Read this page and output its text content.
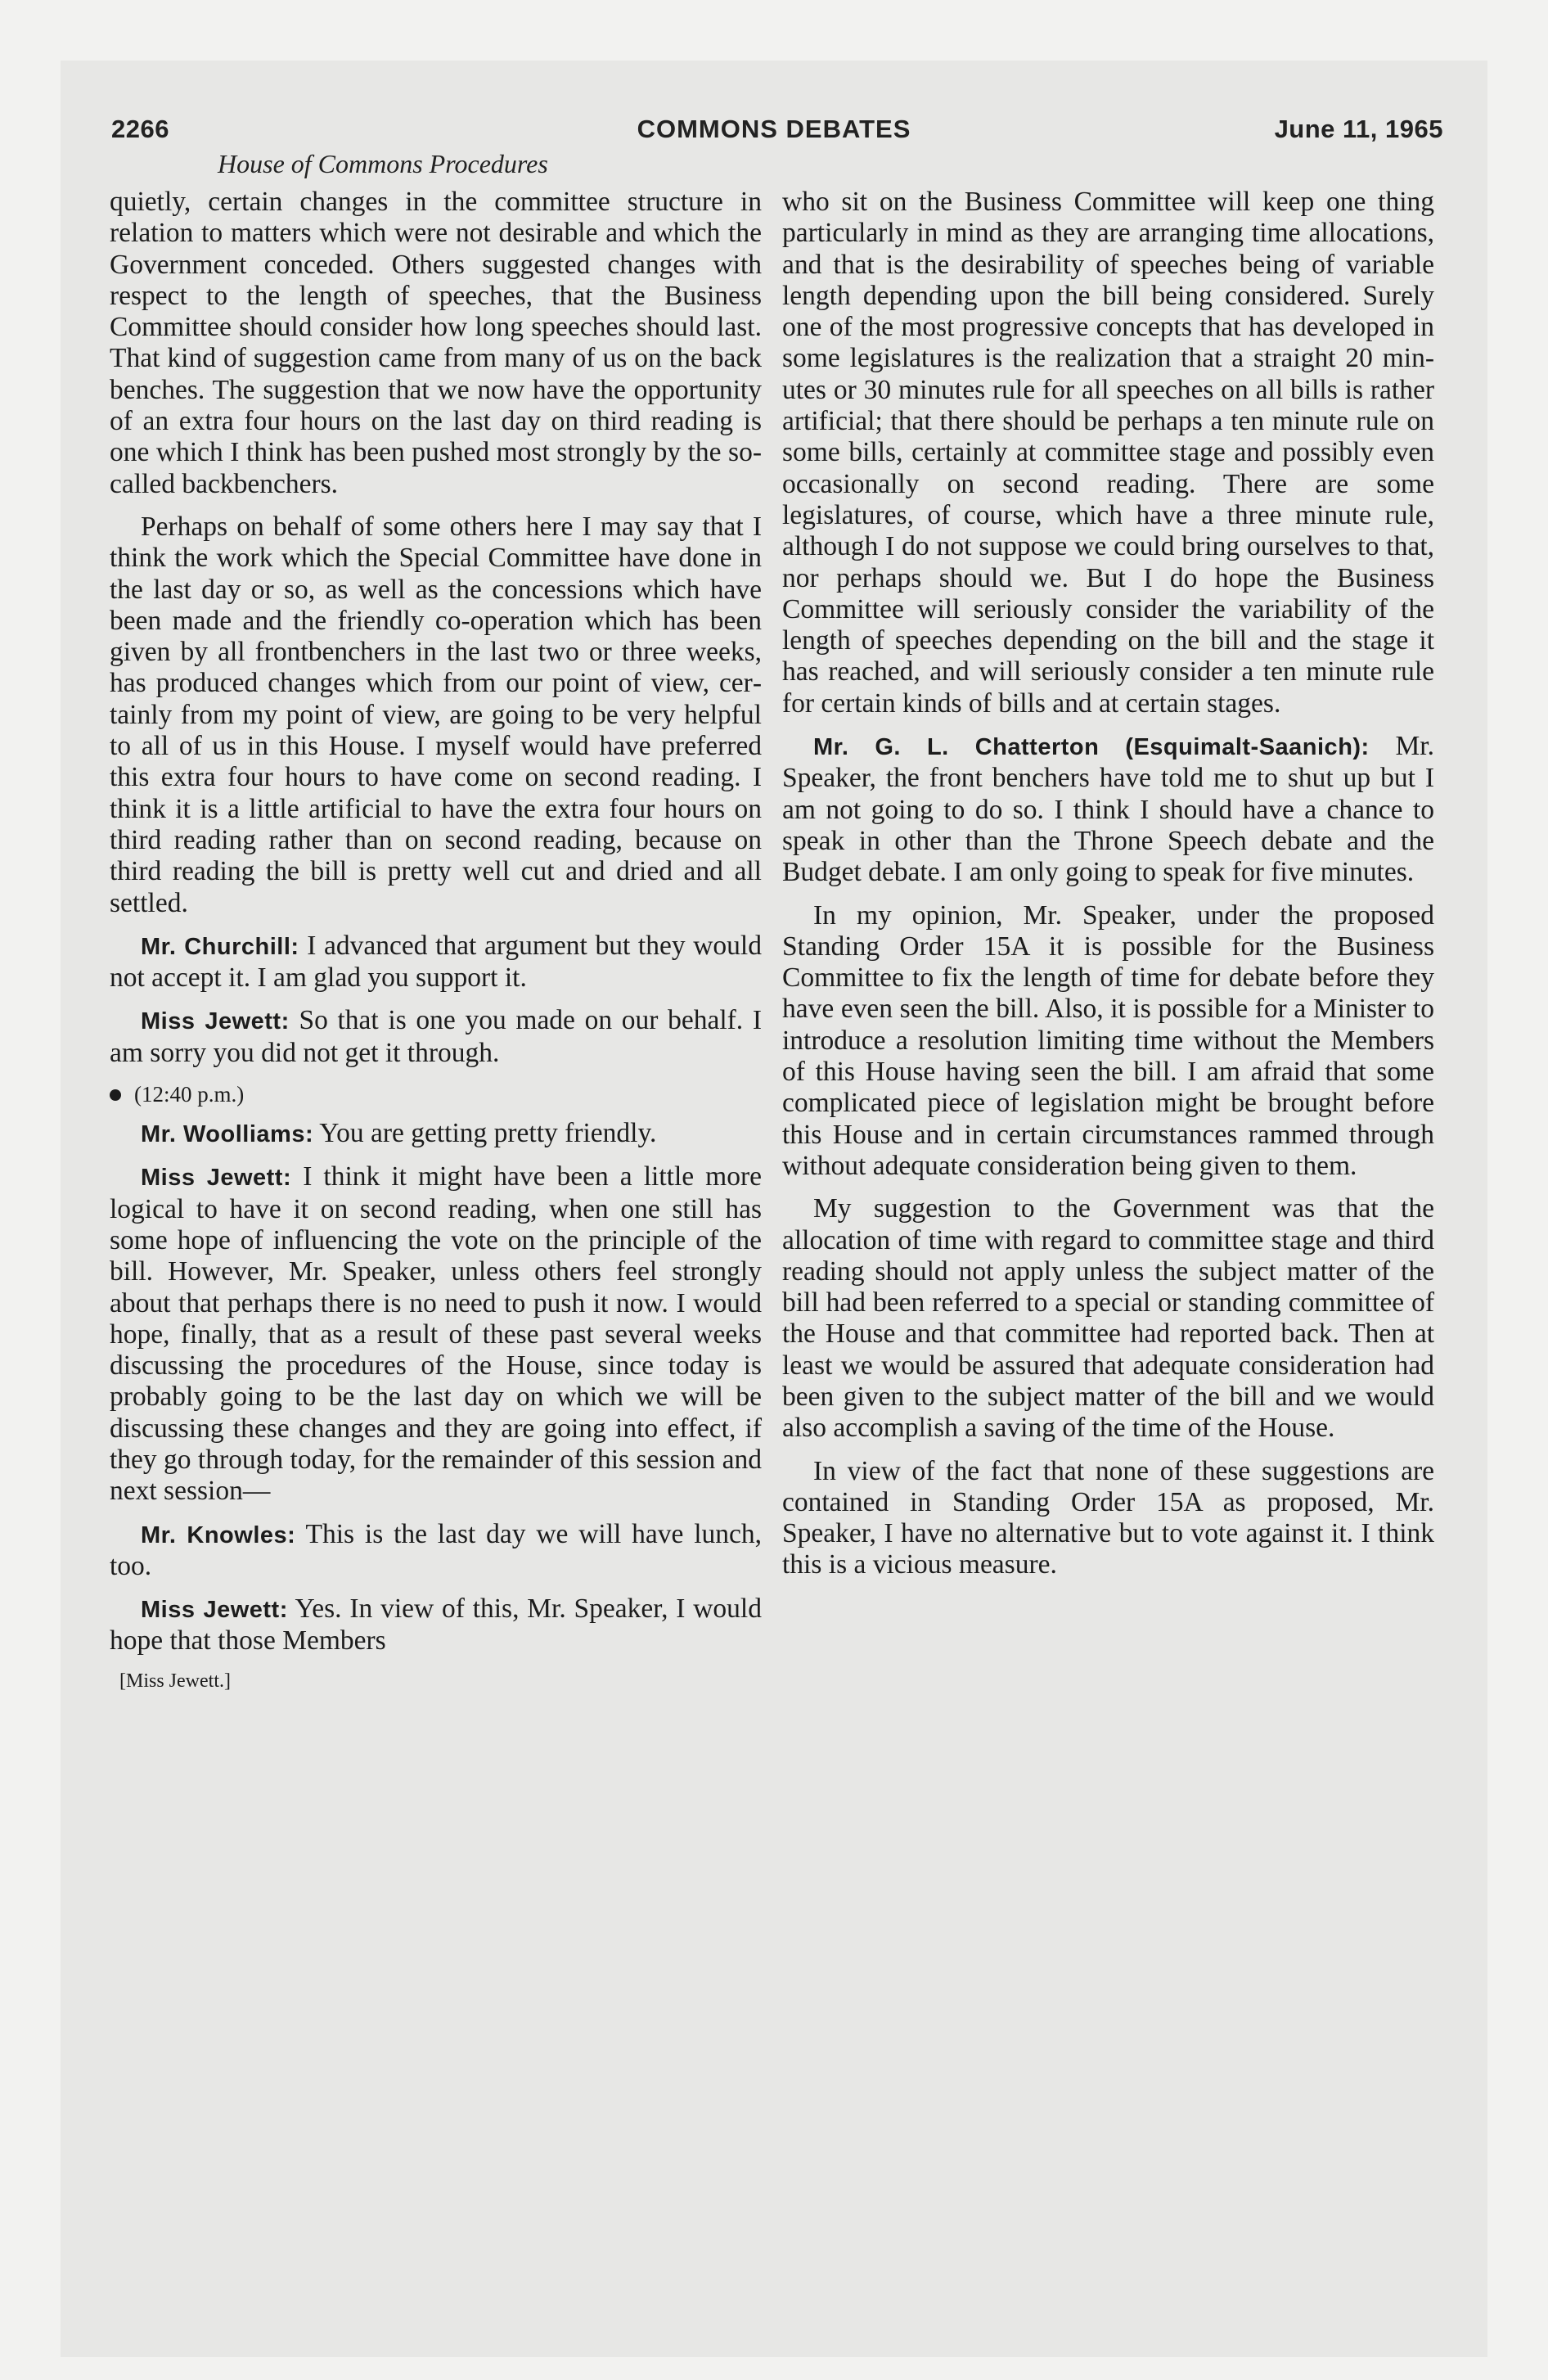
2266	COMMONS DEBATES	June 11, 1965
House of Commons Procedures

quietly, certain changes in the committee structure in relation to matters which were not desirable and which the Government conceded. Others suggested changes with respect to the length of speeches, that the Business Committee should consider how long speeches should last. That kind of suggestion came from many of us on the back benches. The suggestion that we now have the opportunity of an extra four hours on the last day on third reading is one which I think has been pushed most strongly by the so-called backbenchers.

Perhaps on behalf of some others here I may say that I think the work which the Special Committee have done in the last day or so, as well as the concessions which have been made and the friendly co-operation which has been given by all frontbenchers in the last two or three weeks, has produced changes which from our point of view, certainly from my point of view, are going to be very helpful to all of us in this House. I myself would have preferred this extra four hours to have come on second reading. I think it is a little artificial to have the extra four hours on third reading rather than on second reading, because on third reading the bill is pretty well cut and dried and all settled.

Mr. Churchill: I advanced that argument but they would not accept it. I am glad you support it.

Miss Jewett: So that is one you made on our behalf. I am sorry you did not get it through.

(12:40 p.m.)

Mr. Woolliams: You are getting pretty friendly.

Miss Jewett: I think it might have been a little more logical to have it on second reading, when one still has some hope of influencing the vote on the principle of the bill. However, Mr. Speaker, unless others feel strongly about that perhaps there is no need to push it now. I would hope, finally, that as a result of these past several weeks discussing the procedures of the House, since today is probably going to be the last day on which we will be discussing these changes and they are going into effect, if they go through today, for the remainder of this session and next session—

Mr. Knowles: This is the last day we will have lunch, too.

Miss Jewett: Yes. In view of this, Mr. Speaker, I would hope that those Members

[Miss Jewett.]

who sit on the Business Committee will keep one thing particularly in mind as they are arranging time allocations, and that is the desirability of speeches being of variable length depending upon the bill being considered. Surely one of the most progressive concepts that has developed in some legislatures is the realization that a straight 20 minutes or 30 minutes rule for all speeches on all bills is rather artificial; that there should be perhaps a ten minute rule on some bills, certainly at committee stage and possibly even occasionally on second reading. There are some legislatures, of course, which have a three minute rule, although I do not suppose we could bring ourselves to that, nor perhaps should we. But I do hope the Business Committee will seriously consider the variability of the length of speeches depending on the bill and the stage it has reached, and will seriously consider a ten minute rule for certain kinds of bills and at certain stages.

Mr. G. L. Chatterton (Esquimalt-Saanich): Mr. Speaker, the front benchers have told me to shut up but I am not going to do so. I think I should have a chance to speak in other than the Throne Speech debate and the Budget debate. I am only going to speak for five minutes.

In my opinion, Mr. Speaker, under the proposed Standing Order 15A it is possible for the Business Committee to fix the length of time for debate before they have even seen the bill. Also, it is possible for a Minister to introduce a resolution limiting time without the Members of this House having seen the bill. I am afraid that some complicated piece of legislation might be brought before this House and in certain circumstances rammed through without adequate consideration being given to them.

My suggestion to the Government was that the allocation of time with regard to committee stage and third reading should not apply unless the subject matter of the bill had been referred to a special or standing committee of the House and that committee had reported back. Then at least we would be assured that adequate consideration had been given to the subject matter of the bill and we would also accomplish a saving of the time of the House.

In view of the fact that none of these suggestions are contained in Standing Order 15A as proposed, Mr. Speaker, I have no alternative but to vote against it. I think this is a vicious measure.
